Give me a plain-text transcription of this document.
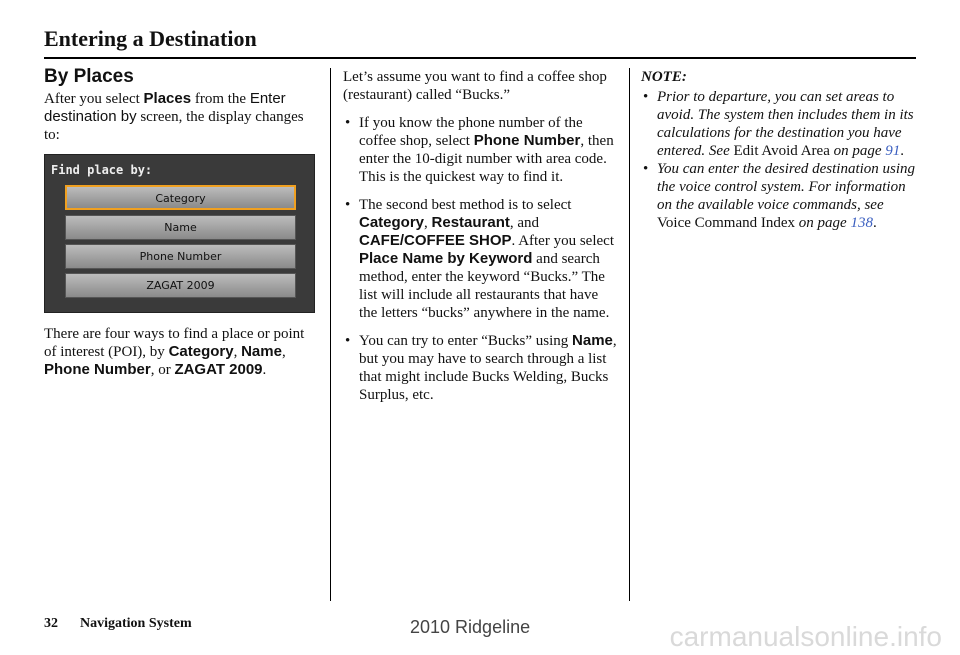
Entering a Destination
By Places

After you select Places from the Enter destination by screen, the display changes to:

Find place by:
Category
Name
Phone Number
ZAGAT 2009

There are four ways to find a place or point of interest (POI), by Category, Name, Phone Number, or ZAGAT 2009.

Let’s assume you want to find a coffee shop (restaurant) called “Bucks.”

• If you know the phone number of the coffee shop, select Phone Number, then enter the 10-digit number with area code. This is the quickest way to find it.
• The second best method is to select Category, Restaurant, and CAFE/COFFEE SHOP. After you select Place Name by Keyword and search method, enter the keyword “Bucks.” The list will include all restaurants that have the letters “bucks” anywhere in the name.
• You can try to enter “Bucks” using Name, but you may have to search through a list that might include Bucks Welding, Bucks Surplus, etc.
NOTE:
• Prior to departure, you can set areas to avoid. The system then includes them in its calculations for the destination you have entered. See Edit Avoid Area on page 91.
• You can enter the desired destination using the voice control system. For information on the available voice commands, see Voice Command Index on page 138.
32 Navigation System	2010 Ridgeline	carmanualsonline.info
